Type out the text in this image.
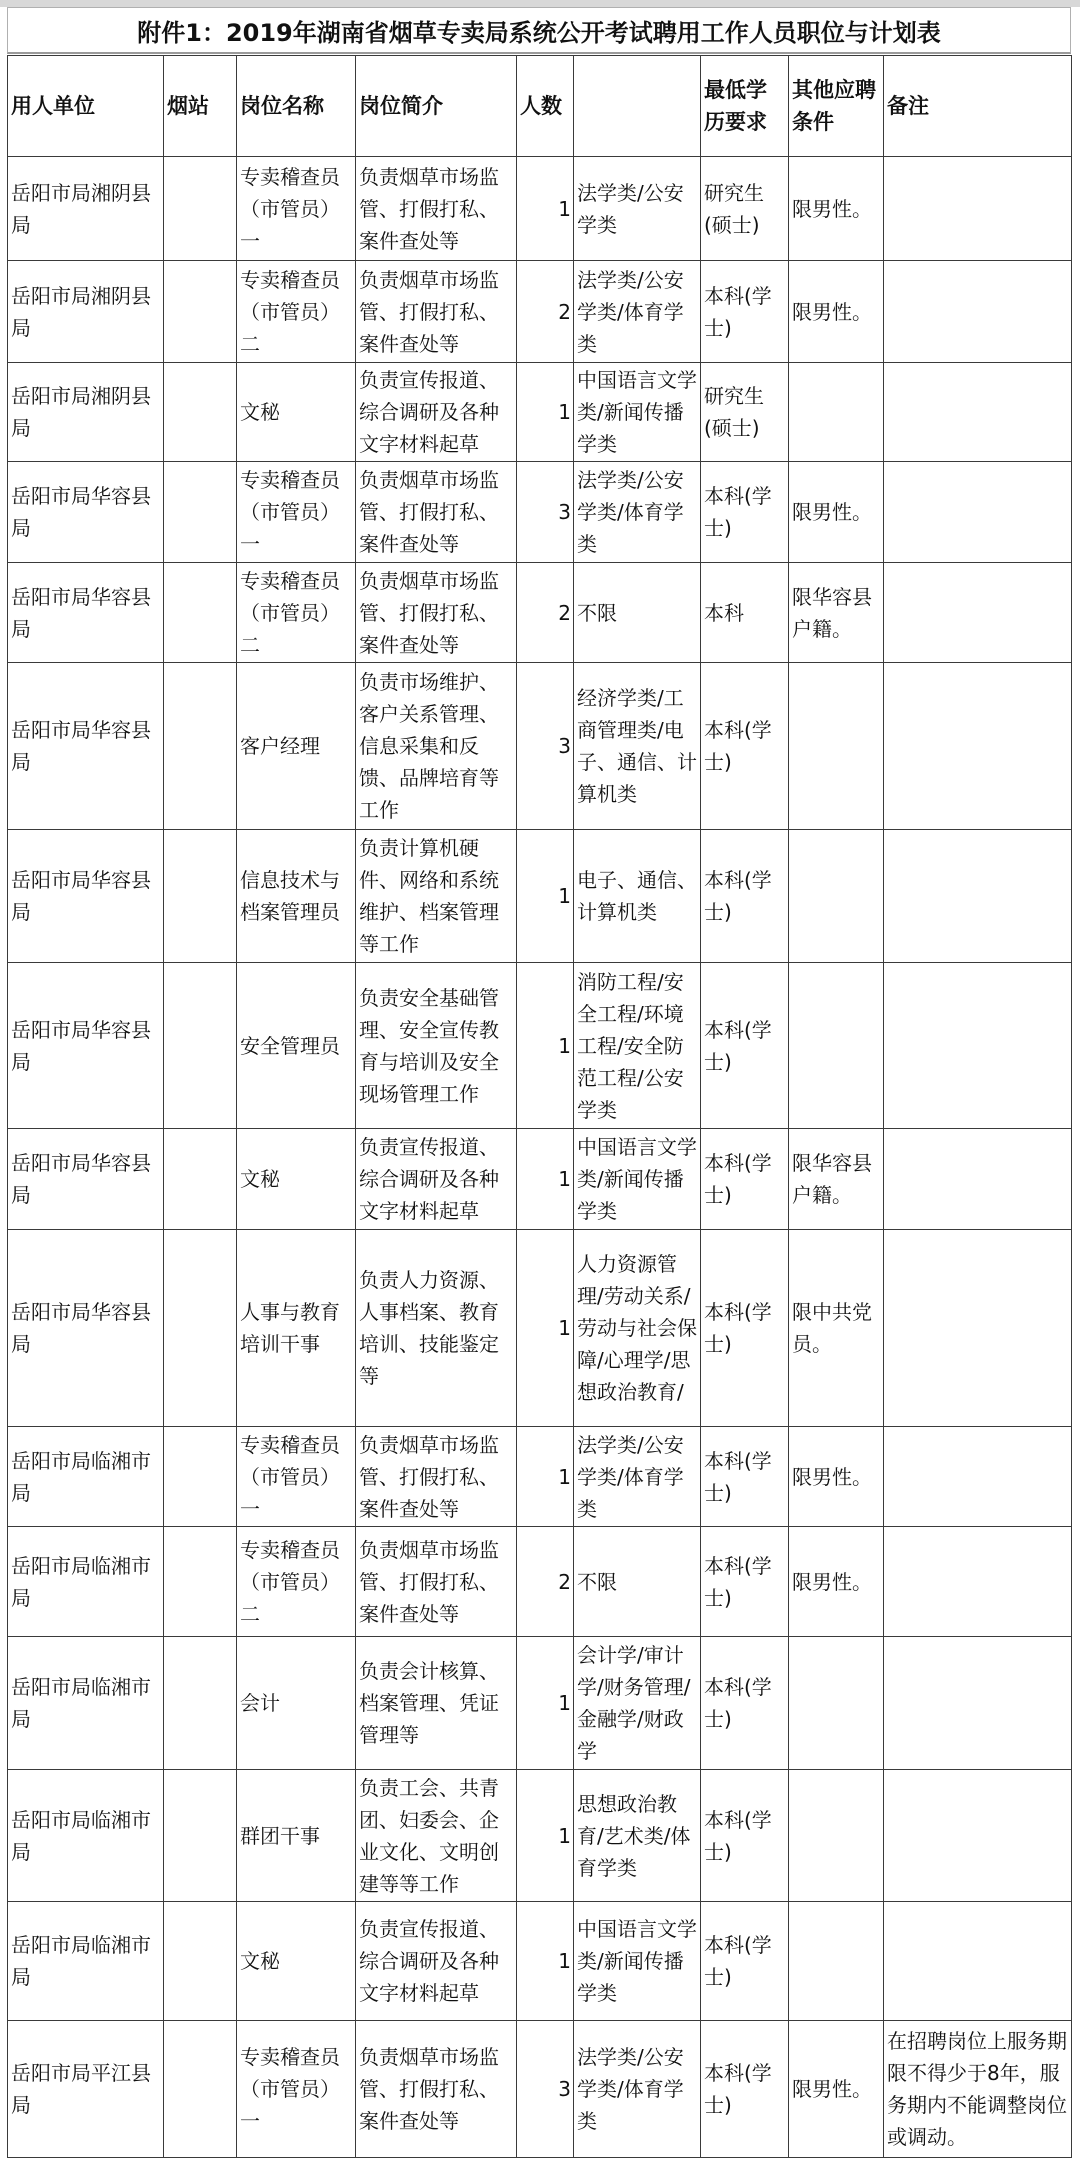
附件1：2019年湖南省烟草专卖局系统公开考试聘用工作人员职位与计划表
用人单位	烟站	岗位名称	岗位简介	人数		最低学历要求	其他应聘条件	备注
岳阳市局湘阴县局		专卖稽查员（市管员）一	负责烟草市场监管、打假打私、案件查处等	1	法学类/公安学类	研究生(硕士)	限男性。	
岳阳市局湘阴县局		专卖稽查员（市管员）二	负责烟草市场监管、打假打私、案件查处等	2	法学类/公安学类/体育学类	本科(学士)	限男性。	
岳阳市局湘阴县局		文秘	负责宣传报道、综合调研及各种文字材料起草	1	中国语言文学类/新闻传播学类	研究生(硕士)		
岳阳市局华容县局		专卖稽查员（市管员）一	负责烟草市场监管、打假打私、案件查处等	3	法学类/公安学类/体育学类	本科(学士)	限男性。	
岳阳市局华容县局		专卖稽查员（市管员）二	负责烟草市场监管、打假打私、案件查处等	2	不限	本科	限华容县户籍。	
岳阳市局华容县局		客户经理	负责市场维护、客户关系管理、信息采集和反馈、品牌培育等工作	3	经济学类/工商管理类/电子、通信、计算机类	本科(学士)		
岳阳市局华容县局		信息技术与档案管理员	负责计算机硬件、网络和系统维护、档案管理等工作	1	电子、通信、计算机类	本科(学士)		
岳阳市局华容县局		安全管理员	负责安全基础管理、安全宣传教育与培训及安全现场管理工作	1	消防工程/安全工程/环境工程/安全防范工程/公安学类	本科(学士)		
岳阳市局华容县局		文秘	负责宣传报道、综合调研及各种文字材料起草	1	中国语言文学类/新闻传播学类	本科(学士)	限华容县户籍。	
岳阳市局华容县局		人事与教育培训干事	负责人力资源、人事档案、教育培训、技能鉴定等	1	人力资源管理/劳动关系/劳动与社会保障/心理学/思想政治教育/	本科(学士)	限中共党员。	
岳阳市局临湘市局		专卖稽查员（市管员）一	负责烟草市场监管、打假打私、案件查处等	1	法学类/公安学类/体育学类	本科(学士)	限男性。	
岳阳市局临湘市局		专卖稽查员（市管员）二	负责烟草市场监管、打假打私、案件查处等	2	不限	本科(学士)	限男性。	
岳阳市局临湘市局		会计	负责会计核算、档案管理、凭证管理等	1	会计学/审计学/财务管理/金融学/财政学	本科(学士)		
岳阳市局临湘市局		群团干事	负责工会、共青团、妇委会、企业文化、文明创建等等工作	1	思想政治教育/艺术类/体育学类	本科(学士)		
岳阳市局临湘市局		文秘	负责宣传报道、综合调研及各种文字材料起草	1	中国语言文学类/新闻传播学类	本科(学士)		
岳阳市局平江县局		专卖稽查员（市管员）一	负责烟草市场监管、打假打私、案件查处等	3	法学类/公安学类/体育学类	本科(学士)	限男性。	在招聘岗位上服务期限不得少于8年，服务期内不能调整岗位或调动。
